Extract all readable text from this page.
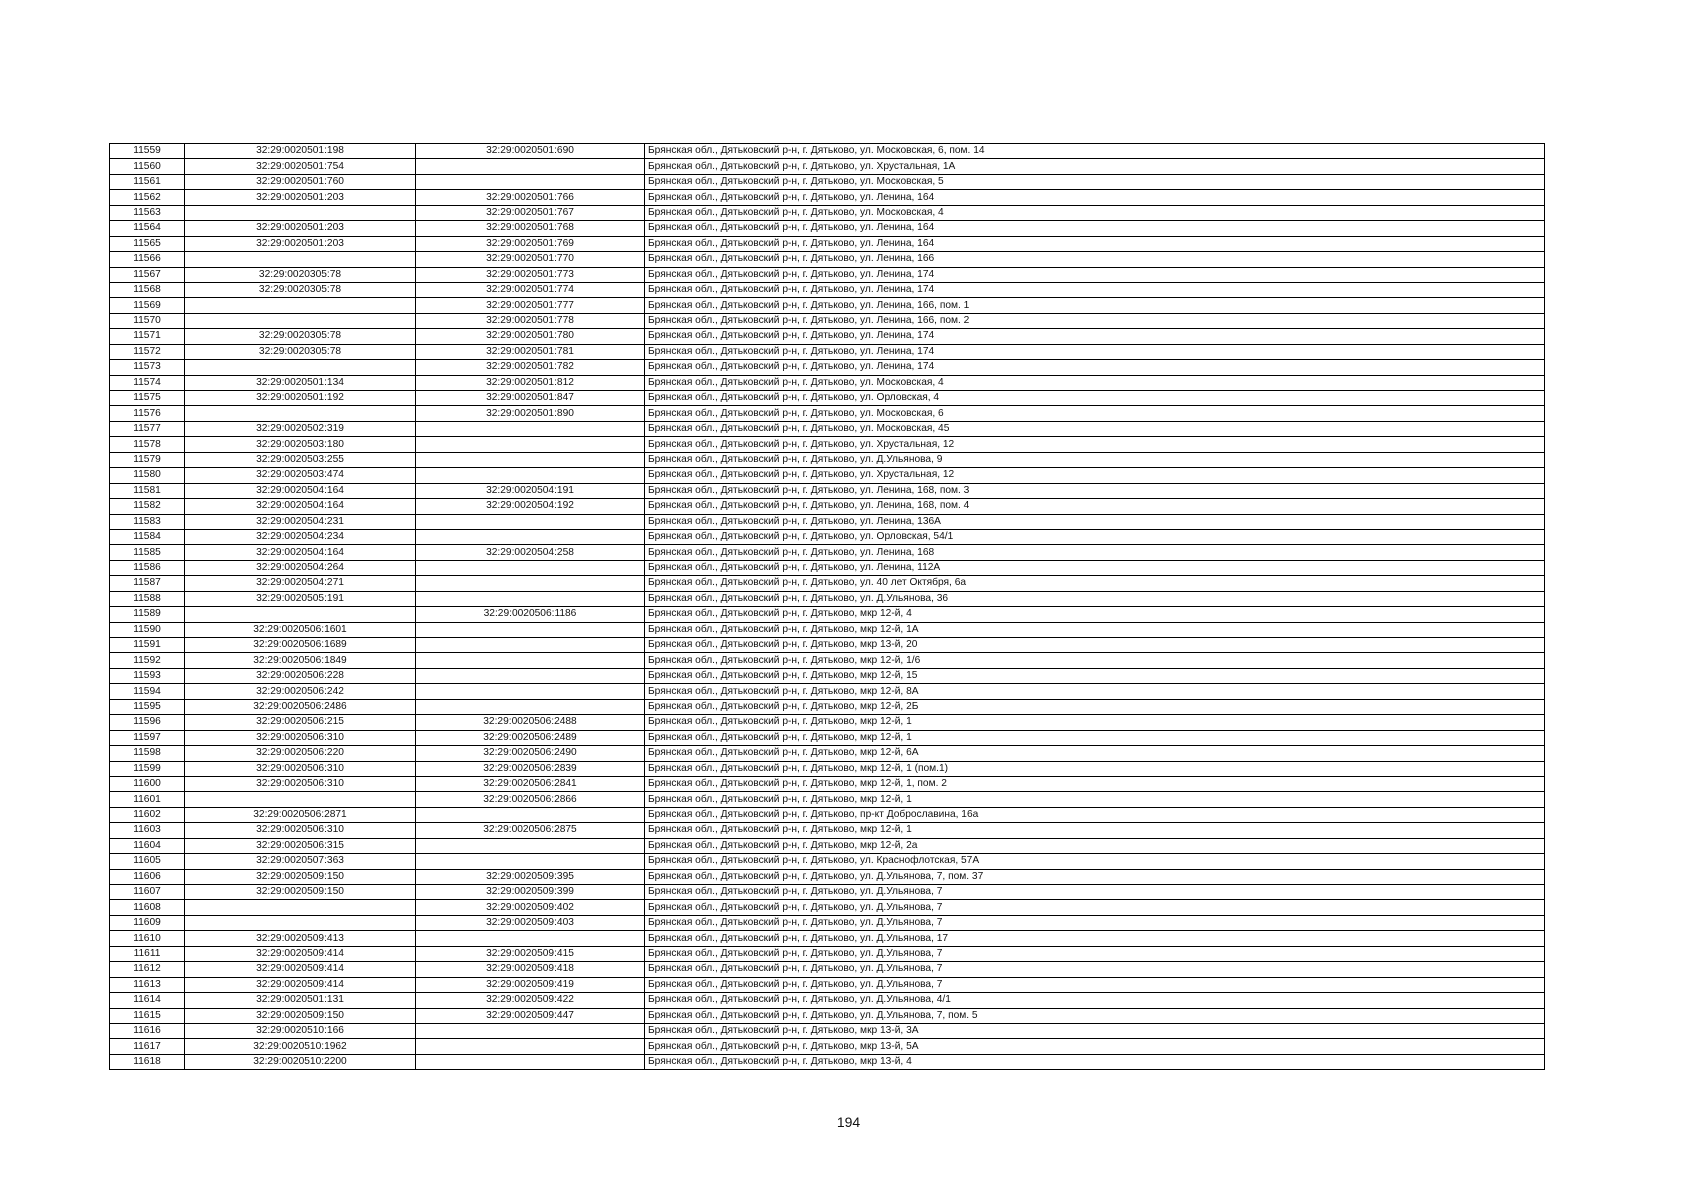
11559	32:29:0020501:198	32:29:0020501:690	Брянская обл., Дятьковский р-н, г. Дятьково, ул. Московская, 6, пом. 14
11560	32:29:0020501:754		Брянская обл., Дятьковский р-н, г. Дятьково, ул. Хрустальная, 1А
11561	32:29:0020501:760		Брянская обл., Дятьковский р-н, г. Дятьково, ул. Московская, 5
11562	32:29:0020501:203	32:29:0020501:766	Брянская обл., Дятьковский р-н, г. Дятьково, ул. Ленина, 164
11563		32:29:0020501:767	Брянская обл., Дятьковский р-н, г. Дятьково, ул. Московская, 4
11564	32:29:0020501:203	32:29:0020501:768	Брянская обл., Дятьковский р-н, г. Дятьково, ул. Ленина, 164
11565	32:29:0020501:203	32:29:0020501:769	Брянская обл., Дятьковский р-н, г. Дятьково, ул. Ленина, 164
11566		32:29:0020501:770	Брянская обл., Дятьковский р-н, г. Дятьково, ул. Ленина, 166
11567	32:29:0020305:78	32:29:0020501:773	Брянская обл., Дятьковский р-н, г. Дятьково, ул. Ленина, 174
11568	32:29:0020305:78	32:29:0020501:774	Брянская обл., Дятьковский р-н, г. Дятьково, ул. Ленина, 174
11569		32:29:0020501:777	Брянская обл., Дятьковский р-н, г. Дятьково, ул. Ленина, 166, пом. 1
11570		32:29:0020501:778	Брянская обл., Дятьковский р-н, г. Дятьково, ул. Ленина, 166, пом. 2
11571	32:29:0020305:78	32:29:0020501:780	Брянская обл., Дятьковский р-н, г. Дятьково, ул. Ленина, 174
11572	32:29:0020305:78	32:29:0020501:781	Брянская обл., Дятьковский р-н, г. Дятьково, ул. Ленина, 174
11573		32:29:0020501:782	Брянская обл., Дятьковский р-н, г. Дятьково, ул. Ленина, 174
11574	32:29:0020501:134	32:29:0020501:812	Брянская обл., Дятьковский р-н, г. Дятьково, ул. Московская, 4
11575	32:29:0020501:192	32:29:0020501:847	Брянская обл., Дятьковский р-н, г. Дятьково, ул. Орловская, 4
11576		32:29:0020501:890	Брянская обл., Дятьковский р-н, г. Дятьково, ул. Московская, 6
11577	32:29:0020502:319		Брянская обл., Дятьковский р-н, г. Дятьково, ул. Московская, 45
11578	32:29:0020503:180		Брянская обл., Дятьковский р-н, г. Дятьково, ул. Хрустальная, 12
11579	32:29:0020503:255		Брянская обл., Дятьковский р-н, г. Дятьково, ул. Д.Ульянова, 9
11580	32:29:0020503:474		Брянская обл., Дятьковский р-н, г. Дятьково, ул. Хрустальная, 12
11581	32:29:0020504:164	32:29:0020504:191	Брянская обл., Дятьковский р-н, г. Дятьково, ул. Ленина, 168, пом. 3
11582	32:29:0020504:164	32:29:0020504:192	Брянская обл., Дятьковский р-н, г. Дятьково, ул. Ленина, 168, пом. 4
11583	32:29:0020504:231		Брянская обл., Дятьковский р-н, г. Дятьково, ул. Ленина, 136А
11584	32:29:0020504:234		Брянская обл., Дятьковский р-н, г. Дятьково, ул. Орловская, 54/1
11585	32:29:0020504:164	32:29:0020504:258	Брянская обл., Дятьковский р-н, г. Дятьково, ул. Ленина, 168
11586	32:29:0020504:264		Брянская обл., Дятьковский р-н, г. Дятьково, ул. Ленина, 112А
11587	32:29:0020504:271		Брянская обл., Дятьковский р-н, г. Дятьково, ул. 40 лет Октября, 6а
11588	32:29:0020505:191		Брянская обл., Дятьковский р-н, г. Дятьково, ул. Д.Ульянова, 36
11589		32:29:0020506:1186	Брянская обл., Дятьковский р-н, г. Дятьково, мкр 12-й, 4
11590	32:29:0020506:1601		Брянская обл., Дятьковский р-н, г. Дятьково, мкр 12-й, 1А
11591	32:29:0020506:1689		Брянская обл., Дятьковский р-н, г. Дятьково, мкр 13-й, 20
11592	32:29:0020506:1849		Брянская обл., Дятьковский р-н, г. Дятьково, мкр 12-й, 1/6
11593	32:29:0020506:228		Брянская обл., Дятьковский р-н, г. Дятьково, мкр 12-й, 15
11594	32:29:0020506:242		Брянская обл., Дятьковский р-н, г. Дятьково, мкр 12-й, 8А
11595	32:29:0020506:2486		Брянская обл., Дятьковский р-н, г. Дятьково, мкр 12-й, 2Б
11596	32:29:0020506:215	32:29:0020506:2488	Брянская обл., Дятьковский р-н, г. Дятьково, мкр 12-й, 1
11597	32:29:0020506:310	32:29:0020506:2489	Брянская обл., Дятьковский р-н, г. Дятьково, мкр 12-й, 1
11598	32:29:0020506:220	32:29:0020506:2490	Брянская обл., Дятьковский р-н, г. Дятьково, мкр 12-й, 6А
11599	32:29:0020506:310	32:29:0020506:2839	Брянская обл., Дятьковский р-н, г. Дятьково, мкр 12-й, 1 (пом.1)
11600	32:29:0020506:310	32:29:0020506:2841	Брянская обл., Дятьковский р-н, г. Дятьково, мкр 12-й, 1, пом. 2
11601		32:29:0020506:2866	Брянская обл., Дятьковский р-н, г. Дятьково, мкр 12-й, 1
11602	32:29:0020506:2871		Брянская обл., Дятьковский р-н, г. Дятьково, пр-кт Доброславина, 16а
11603	32:29:0020506:310	32:29:0020506:2875	Брянская обл., Дятьковский р-н, г. Дятьково, мкр 12-й, 1
11604	32:29:0020506:315		Брянская обл., Дятьковский р-н, г. Дятьково, мкр 12-й, 2а
11605	32:29:0020507:363		Брянская обл., Дятьковский р-н, г. Дятьково, ул. Краснофлотская, 57А
11606	32:29:0020509:150	32:29:0020509:395	Брянская обл., Дятьковский р-н, г. Дятьково, ул. Д.Ульянова, 7, пом. 37
11607	32:29:0020509:150	32:29:0020509:399	Брянская обл., Дятьковский р-н, г. Дятьково, ул. Д.Ульянова, 7
11608		32:29:0020509:402	Брянская обл., Дятьковский р-н, г. Дятьково, ул. Д.Ульянова, 7
11609		32:29:0020509:403	Брянская обл., Дятьковский р-н, г. Дятьково, ул. Д.Ульянова, 7
11610	32:29:0020509:413		Брянская обл., Дятьковский р-н, г. Дятьково, ул. Д.Ульянова, 17
11611	32:29:0020509:414	32:29:0020509:415	Брянская обл., Дятьковский р-н, г. Дятьково, ул. Д.Ульянова, 7
11612	32:29:0020509:414	32:29:0020509:418	Брянская обл., Дятьковский р-н, г. Дятьково, ул. Д.Ульянова, 7
11613	32:29:0020509:414	32:29:0020509:419	Брянская обл., Дятьковский р-н, г. Дятьково, ул. Д.Ульянова, 7
11614	32:29:0020501:131	32:29:0020509:422	Брянская обл., Дятьковский р-н, г. Дятьково, ул. Д.Ульянова, 4/1
11615	32:29:0020509:150	32:29:0020509:447	Брянская обл., Дятьковский р-н, г. Дятьково, ул. Д.Ульянова, 7, пом. 5
11616	32:29:0020510:166		Брянская обл., Дятьковский р-н, г. Дятьково, мкр 13-й, 3А
11617	32:29:0020510:1962		Брянская обл., Дятьковский р-н, г. Дятьково, мкр 13-й, 5А
11618	32:29:0020510:2200		Брянская обл., Дятьковский р-н, г. Дятьково, мкр 13-й, 4
194
